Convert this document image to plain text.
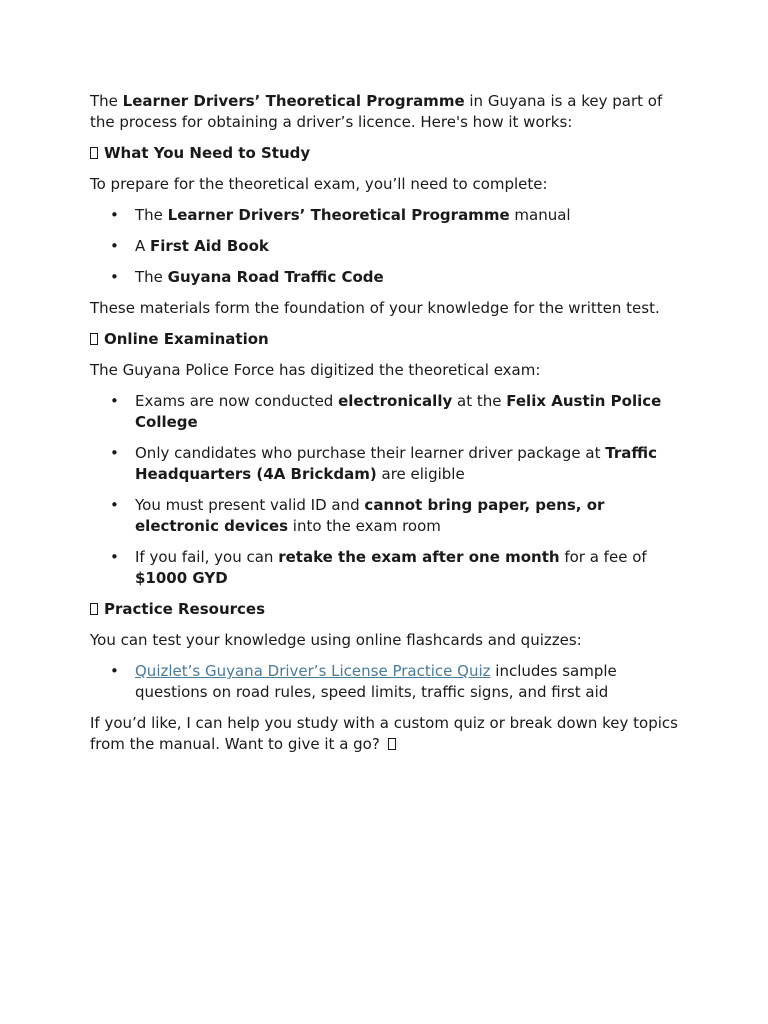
The Learner Drivers’ Theoretical Programme in Guyana is a key part of the process for obtaining a driver’s licence. Here's how it works:

What You Need to Study

To prepare for the theoretical exam, you’ll need to complete:

• The Learner Drivers’ Theoretical Programme manual
• A First Aid Book
• The Guyana Road Traffic Code

These materials form the foundation of your knowledge for the written test.

Online Examination

The Guyana Police Force has digitized the theoretical exam:

• Exams are now conducted electronically at the Felix Austin Police College
• Only candidates who purchase their learner driver package at Traffic Headquarters (4A Brickdam) are eligible
• You must present valid ID and cannot bring paper, pens, or electronic devices into the exam room
• If you fail, you can retake the exam after one month for a fee of $1000 GYD
Practice Resources

You can test your knowledge using online flashcards and quizzes:

• Quizlet’s Guyana Driver’s License Practice Quiz includes sample questions on road rules, speed limits, traffic signs, and first aid

If you’d like, I can help you study with a custom quiz or break down key topics from the manual. Want to give it a go?
